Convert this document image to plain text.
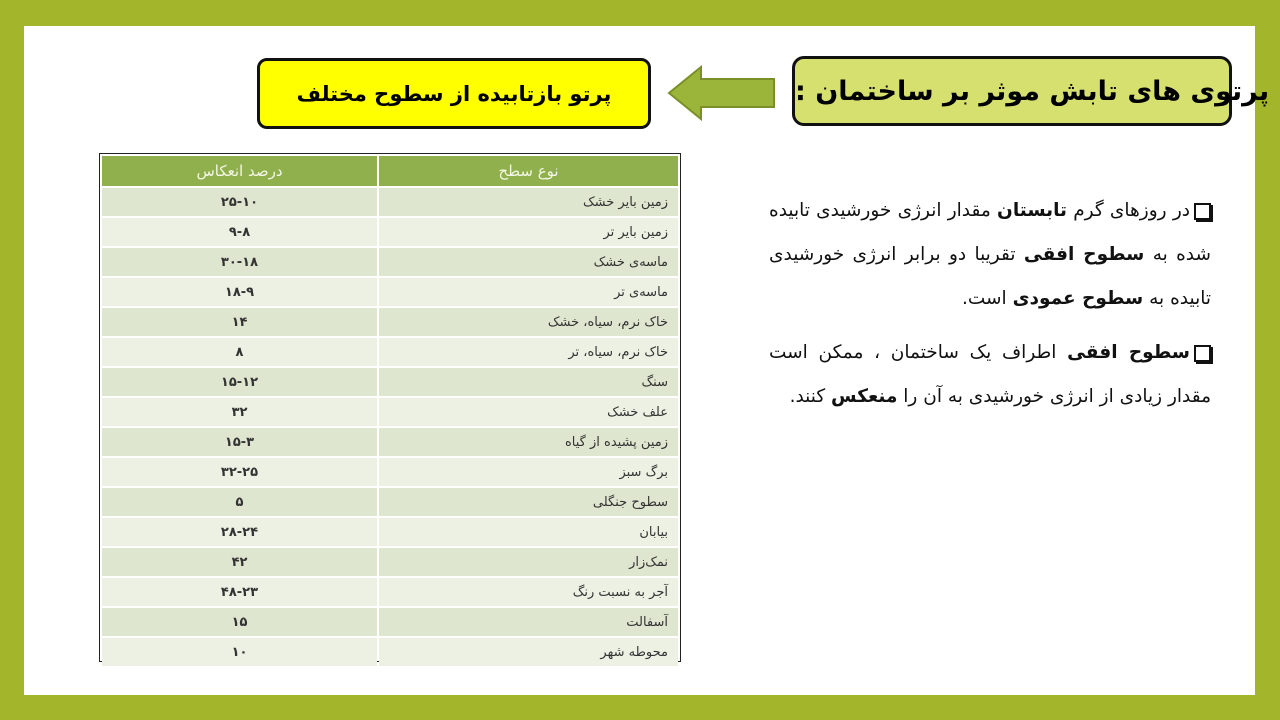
پرتوی های تابش موثر بر ساختمان :
پرتو بازتابیده از سطوح مختلف
نوع سطح	درصد انعکاس
زمین بایر خشک	۲۵-۱۰
زمین بایر تر	۹-۸
ماسه‌ی خشک	۳۰-۱۸
ماسه‌ی تر	۱۸-۹
خاک نرم، سیاه، خشک	۱۴
خاک نرم، سیاه، تر	۸
سنگ	۱۵-۱۲
علف خشک	۳۲
زمین پشیده از گیاه	۱۵-۳
برگ سبز	۳۲-۲۵
سطوح جنگلی	۵
بیابان	۲۸-۲۴
نمک‌زار	۴۲
آجر به نسبت رنگ	۴۸-۲۳
آسفالت	۱۵
محوطه شهر	۱۰

در روزهای گرم تابستان مقدار انرژی خورشیدی تابیده شده به سطوح افقی تقریبا دو برابر انرژی خورشیدی تابیده به سطوح عمودی است.

سطوح افقی اطراف یک ساختمان ، ممکن است مقدار زیادی از انرژی خورشیدی به آن را منعکس کنند.
